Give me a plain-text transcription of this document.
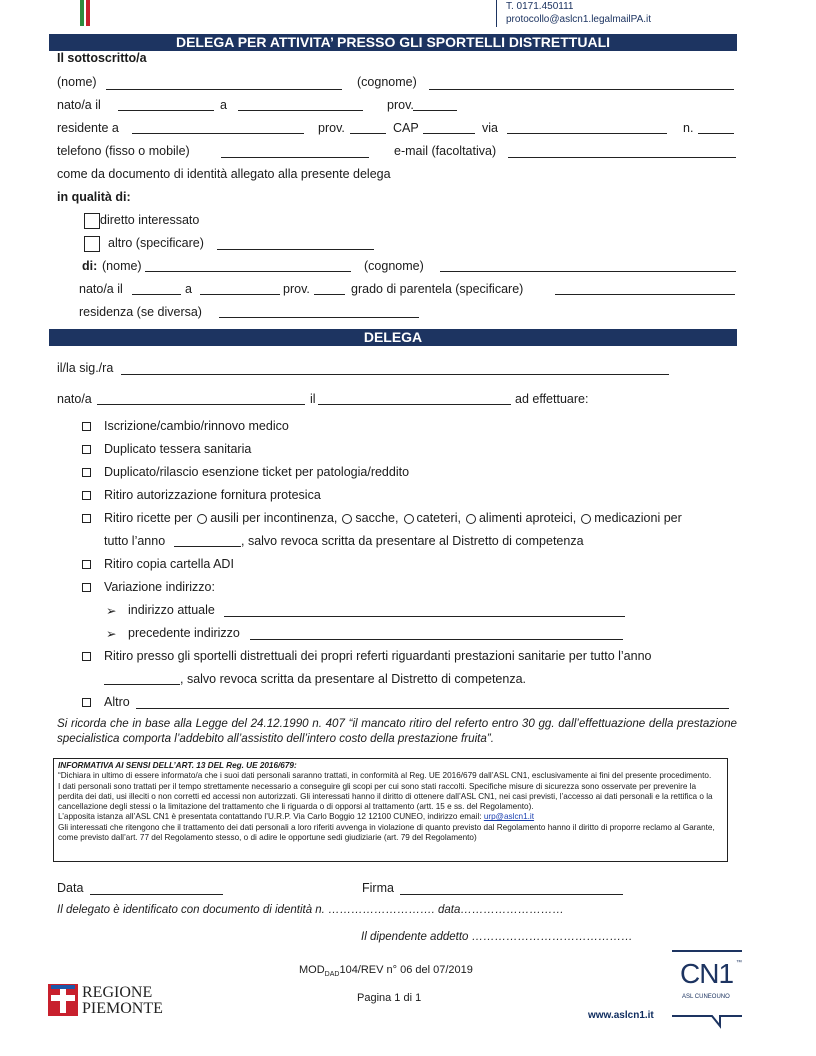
T. 0171.450111
protocollo@aslcn1.legalmailPA.it
DELEGA PER ATTIVITA’ PRESSO GLI SPORTELLI DISTRETTUALI
Il sottoscritto/a
(nome)	(cognome)
nato/a il	a	prov.
residente a	prov.	CAP	via	n.
telefono (fisso o mobile)	e-mail (facoltativa)
come da documento di identità allegato alla presente delega
in qualità di:
diretto interessato
altro (specificare)
di: (nome)	(cognome)
nato/a il	a	prov.	grado di parentela (specificare)
residenza (se diversa)
DELEGA
il/la sig./ra
nato/a	il	ad effettuare:
Iscrizione/cambio/rinnovo medico
Duplicato tessera sanitaria
Duplicato/rilascio esenzione ticket per patologia/reddito
Ritiro autorizzazione fornitura protesica
Ritiro ricette per ausili per incontinenza, sacche, cateteri, alimenti aproteici, medicazioni per
tutto l’anno	, salvo revoca scritta da presentare al Distretto di competenza
Ritiro copia cartella ADI
Variazione indirizzo:
➢ indirizzo attuale
➢ precedente indirizzo
Ritiro presso gli sportelli distrettuali dei propri referti riguardanti prestazioni sanitarie per tutto l’anno
, salvo revoca scritta da presentare al Distretto di competenza.
Altro
Si ricorda che in base alla Legge del 24.12.1990 n. 407 “il mancato ritiro del referto entro 30 gg. dall’effettuazione della prestazione specialistica comporta l’addebito all’assistito dell’intero costo della prestazione fruita”.

INFORMATIVA AI SENSI DELL’ART. 13 DEL Reg. UE 2016/679:

“Dichiara in ultimo di essere informato/a che i suoi dati personali saranno trattati, in conformità al Reg. UE 2016/679 dall’ASL CN1, esclusivamente ai fini del presente procedimento.

I dati personali sono trattati per il tempo strettamente necessario a conseguire gli scopi per cui sono stati raccolti. Specifiche misure di sicurezza sono osservate per prevenire la perdita dei dati, usi illeciti o non corretti ed accessi non autorizzati. Gli interessati hanno il diritto di ottenere dall’ASL CN1, nei casi previsti, l’accesso ai dati personali e la rettifica o la cancellazione degli stessi o la limitazione del trattamento che li riguarda o di opporsi al trattamento (artt. 15 e ss. del Regolamento).

L’apposita istanza all’ASL CN1 è presentata contattando l’U.R.P. Via Carlo Boggio 12 12100 CUNEO, indirizzo email: urp@aslcn1.it

Gli interessati che ritengono che il trattamento dei dati personali a loro riferiti avvenga in violazione di quanto previsto dal Regolamento hanno il diritto di proporre reclamo al Garante, come previsto dall’art. 77 del Regolamento stesso, o di adire le opportune sedi giudiziarie (art. 79 del Regolamento)

Data	Firma
Il delegato è identificato con documento di identità n. ………………………. data………………………
Il dipendente addetto ……………………………………
$MOD_{DAD}104$/REV n° 06 del 07/2019
Pagina 1 di 1
REGIONE
PIEMONTE
CN1 ™
ASL CUNEOUNO
www.aslcn1.it
